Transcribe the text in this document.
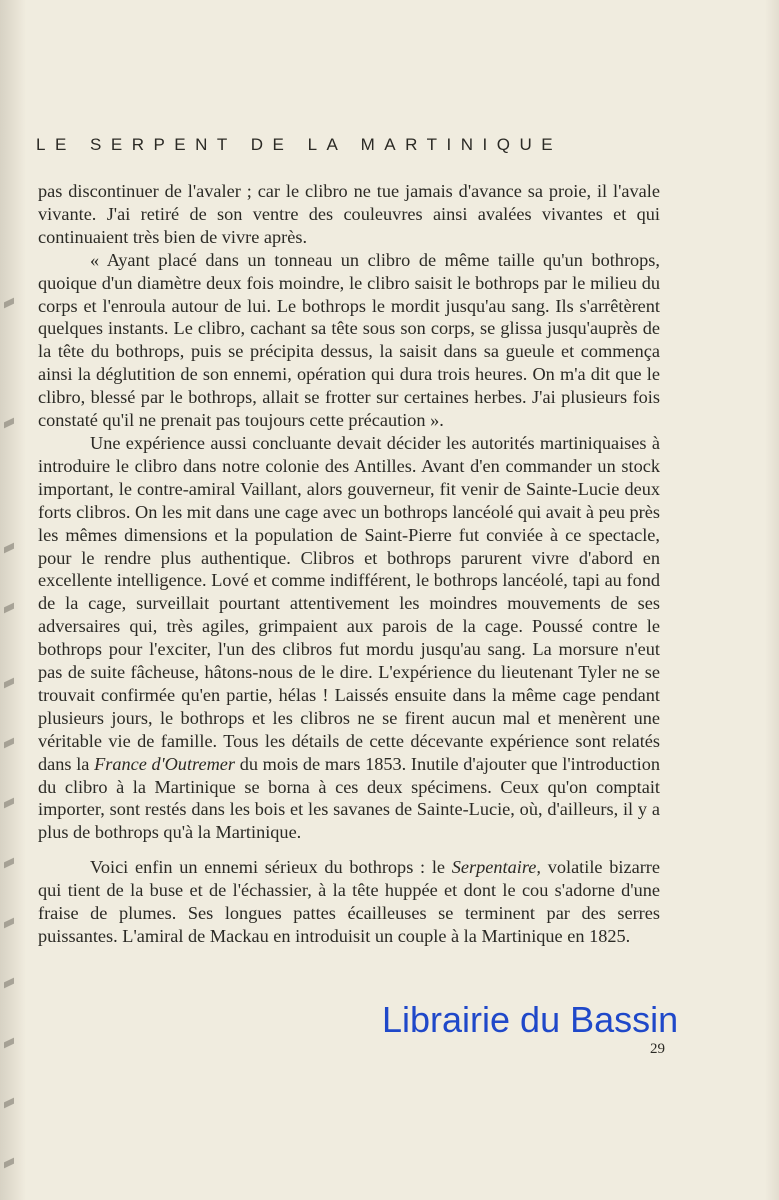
LE SERPENT DE LA MARTINIQUE

pas discontinuer de l'avaler ; car le clibro ne tue jamais d'avance sa proie, il l'avale vivante. J'ai retiré de son ventre des couleuvres ainsi avalées vivantes et qui continuaient très bien de vivre après.

« Ayant placé dans un tonneau un clibro de même taille qu'un bothrops, quoique d'un diamètre deux fois moindre, le clibro saisit le bothrops par le milieu du corps et l'enroula autour de lui. Le bothrops le mordit jusqu'au sang. Ils s'arrêtèrent quelques instants. Le clibro, cachant sa tête sous son corps, se glissa jusqu'auprès de la tête du bothrops, puis se précipita dessus, la saisit dans sa gueule et commença ainsi la déglutition de son ennemi, opération qui dura trois heures. On m'a dit que le clibro, blessé par le bothrops, allait se frotter sur certaines herbes. J'ai plusieurs fois constaté qu'il ne prenait pas toujours cette précaution ».

Une expérience aussi concluante devait décider les autorités martiniquaises à introduire le clibro dans notre colonie des Antilles. Avant d'en commander un stock important, le contre-amiral Vaillant, alors gouverneur, fit venir de Sainte-Lucie deux forts clibros. On les mit dans une cage avec un bothrops lancéolé qui avait à peu près les mêmes dimensions et la population de Saint-Pierre fut conviée à ce spectacle, pour le rendre plus authentique. Clibros et bothrops parurent vivre d'abord en excellente intelligence. Lové et comme indifférent, le bothrops lancéolé, tapi au fond de la cage, surveillait pourtant attentivement les moindres mouvements de ses adversaires qui, très agiles, grimpaient aux parois de la cage. Poussé contre le bothrops pour l'exciter, l'un des clibros fut mordu jusqu'au sang. La morsure n'eut pas de suite fâcheuse, hâtons-nous de le dire. L'expérience du lieutenant Tyler ne se trouvait confirmée qu'en partie, hélas ! Laissés ensuite dans la même cage pendant plusieurs jours, le bothrops et les clibros ne se firent aucun mal et menèrent une véritable vie de famille. Tous les détails de cette décevante expérience sont relatés dans la France d'Outremer du mois de mars 1853. Inutile d'ajouter que l'introduction du clibro à la Martinique se borna à ces deux spécimens. Ceux qu'on comptait importer, sont restés dans les bois et les savanes de Sainte-Lucie, où, d'ailleurs, il y a plus de bothrops qu'à la Martinique.

Voici enfin un ennemi sérieux du bothrops : le Serpentaire, volatile bizarre qui tient de la buse et de l'échassier, à la tête huppée et dont le cou s'adorne d'une fraise de plumes. Ses longues pattes écailleuses se terminent par des serres puissantes. L'amiral de Mackau en introduisit un couple à la Martinique en 1825.

Librairie du Bassin
29
